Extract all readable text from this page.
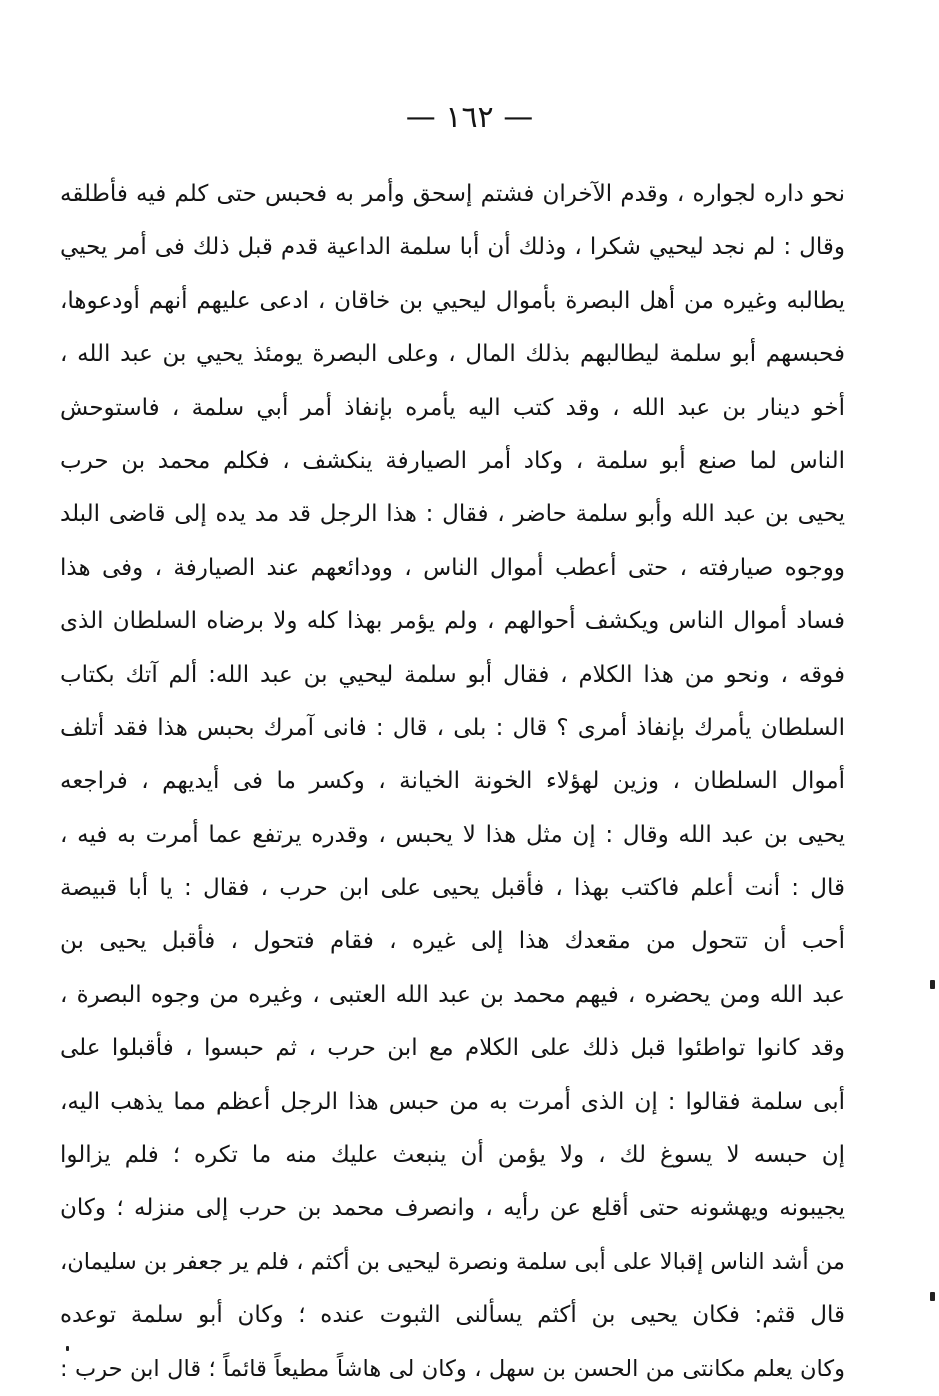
— ١٦٢ —
نحو داره لجواره ، وقدم الآخران فشتم إسحق وأمر به فحبس حتى كلم فيه فأطلقه
وقال : لم نجد ليحيي شكرا ، وذلك أن أبا سلمة الداعية قدم قبل ذلك فى أمر يحيي
يطالبه وغيره من أهل البصرة بأموال ليحيي بن خاقان ، ادعى عليهم أنهم أودعوها،
فحبسهم أبو سلمة ليطالبهم بذلك المال ، وعلى البصرة يومئذ يحيي بن عبد الله ،
أخو دينار بن عبد الله ، وقد كتب اليه يأمره بإنفاذ أمر أبي سلمة ، فاستوحش
الناس لما صنع أبو سلمة ، وكاد أمر الصيارفة ينكشف ، فكلم محمد بن حرب
يحيى بن عبد الله وأبو سلمة حاضر ، فقال : هذا الرجل قد مد يده إلى قاضى البلد
ووجوه صيارفته ، حتى أعطب أموال الناس ، وودائعهم عند الصيارفة ، وفى هذا
فساد أموال الناس ويكشف أحوالهم ، ولم يؤمر بهذا كله ولا برضاه السلطان الذى
فوقه ، ونحو من هذا الكلام ، فقال أبو سلمة ليحيي بن عبد الله: ألم آتك بكتاب
السلطان يأمرك بإنفاذ أمرى ؟ قال : بلى ، قال : فانى آمرك بحبس هذا فقد أتلف
أموال السلطان ، وزين لهؤلاء الخونة الخيانة ، وكسر ما فى أيديهم ، فراجعه
يحيى بن عبد الله وقال : إن مثل هذا لا يحبس ، وقدره يرتفع عما أمرت به فيه ،
قال : أنت أعلم فاكتب بهذا ، فأقبل يحيى على ابن حرب ، فقال : يا أبا قبيصة
أحب أن تتحول من مقعدك هذا إلى غيره ، فقام فتحول ، فأقبل يحيى بن
عبد الله ومن يحضره ، فيهم محمد بن عبد الله العتبى ، وغيره من وجوه البصرة ،
وقد كانوا تواطئوا قبل ذلك على الكلام مع ابن حرب ، ثم حبسوا ، فأقبلوا على
أبى سلمة فقالوا : إن الذى أمرت به من حبس هذا الرجل أعظم مما يذهب اليه،
إن حبسه لا يسوغ لك ، ولا يؤمن أن ينبعث عليك منه ما تكره ؛ فلم يزالوا
يجيبونه ويهشونه حتى أقلع عن رأيه ، وانصرف محمد بن حرب إلى منزله ؛ وكان
من أشد الناس إقبالا على أبى سلمة ونصرة ليحيى بن أكثم ، فلم ير جعفر بن سليمان،
قال قثم: فكان يحيى بن أكثم يسألنى الثبوت عنده ؛ وكان أبو سلمة توعده
وكان يعلم مكانتى من الحسن بن سهل ، وكان لى هاشاً مطيعاً قائماً ؛ قال ابن حرب :
